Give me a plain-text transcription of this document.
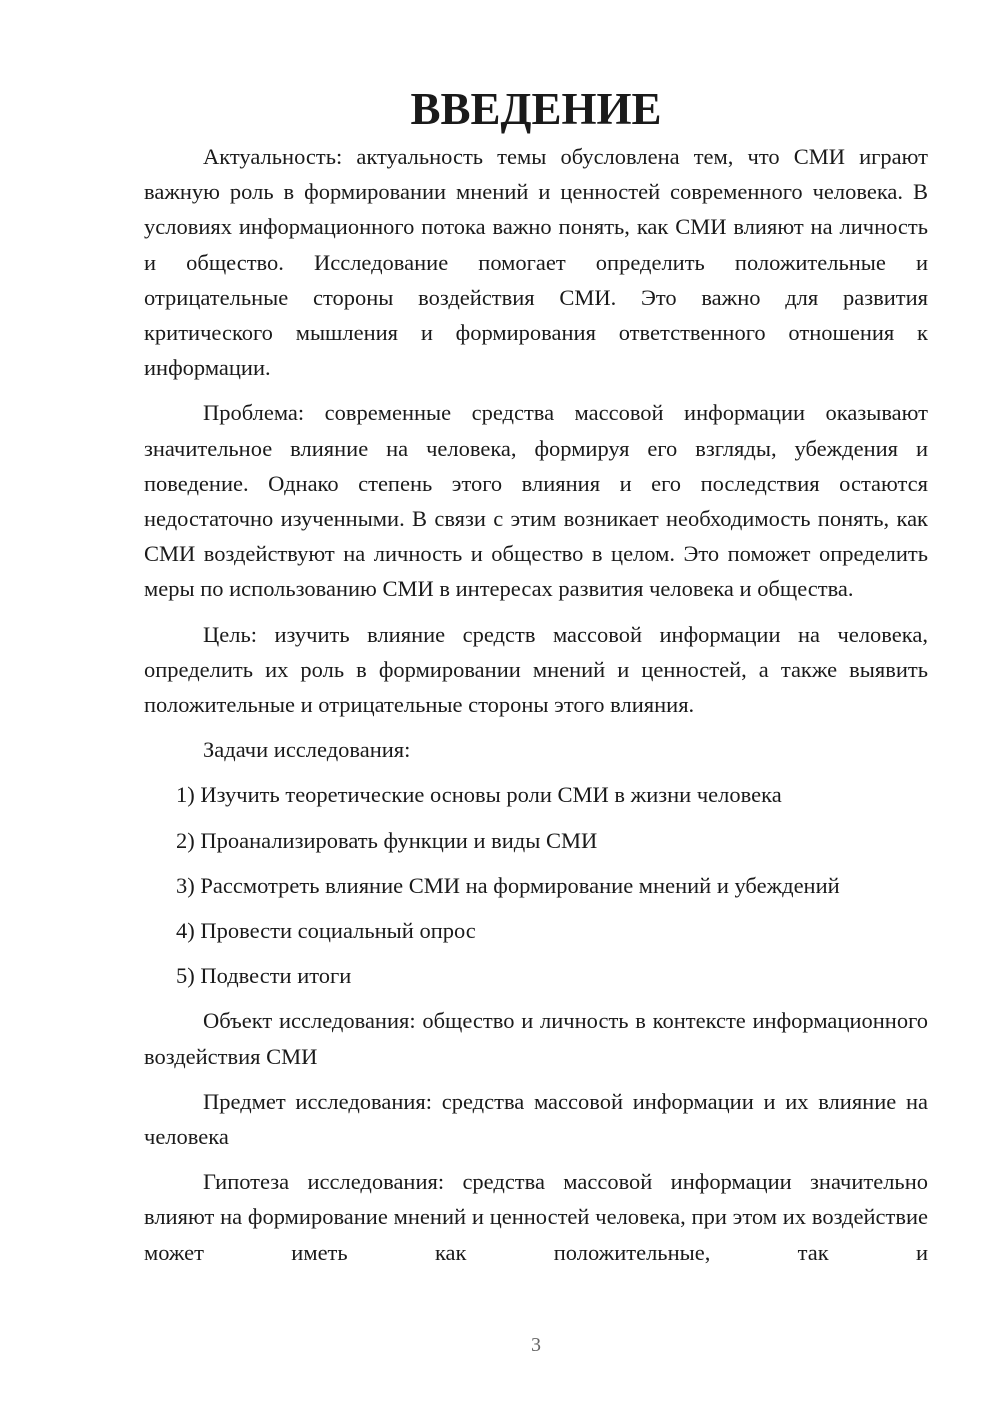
ВВЕДЕНИЕ

Актуальность: актуальность темы обусловлена тем, что СМИ играют важную роль в формировании мнений и ценностей современного человека. В условиях информационного потока важно понять, как СМИ влияют на личность и общество. Исследование помогает определить положительные и отрицательные стороны воздействия СМИ. Это важно для развития критического мышления и формирования ответственного отношения к информации.

Проблема: современные средства массовой информации оказывают значительное влияние на человека, формируя его взгляды, убеждения и поведение. Однако степень этого влияния и его последствия остаются недостаточно изученными. В связи с этим возникает необходимость понять, как СМИ воздействуют на личность и общество в целом. Это поможет определить меры по использованию СМИ в интересах развития человека и общества.

Цель: изучить влияние средств массовой информации на человека, определить их роль в формировании мнений и ценностей, а также выявить положительные и отрицательные стороны этого влияния.

Задачи исследования:

1) Изучить теоретические основы роли СМИ в жизни человека
2) Проанализировать функции и виды СМИ
3) Рассмотреть влияние СМИ на формирование мнений и убеждений
4) Провести социальный опрос
5) Подвести итоги

Объект исследования: общество и личность в контексте информационного воздействия СМИ

Предмет исследования: средства массовой информации и их влияние на человека

Гипотеза исследования: средства массовой информации значительно влияют на формирование мнений и ценностей человека, при этом их воздействие может иметь как положительные, так и

3
